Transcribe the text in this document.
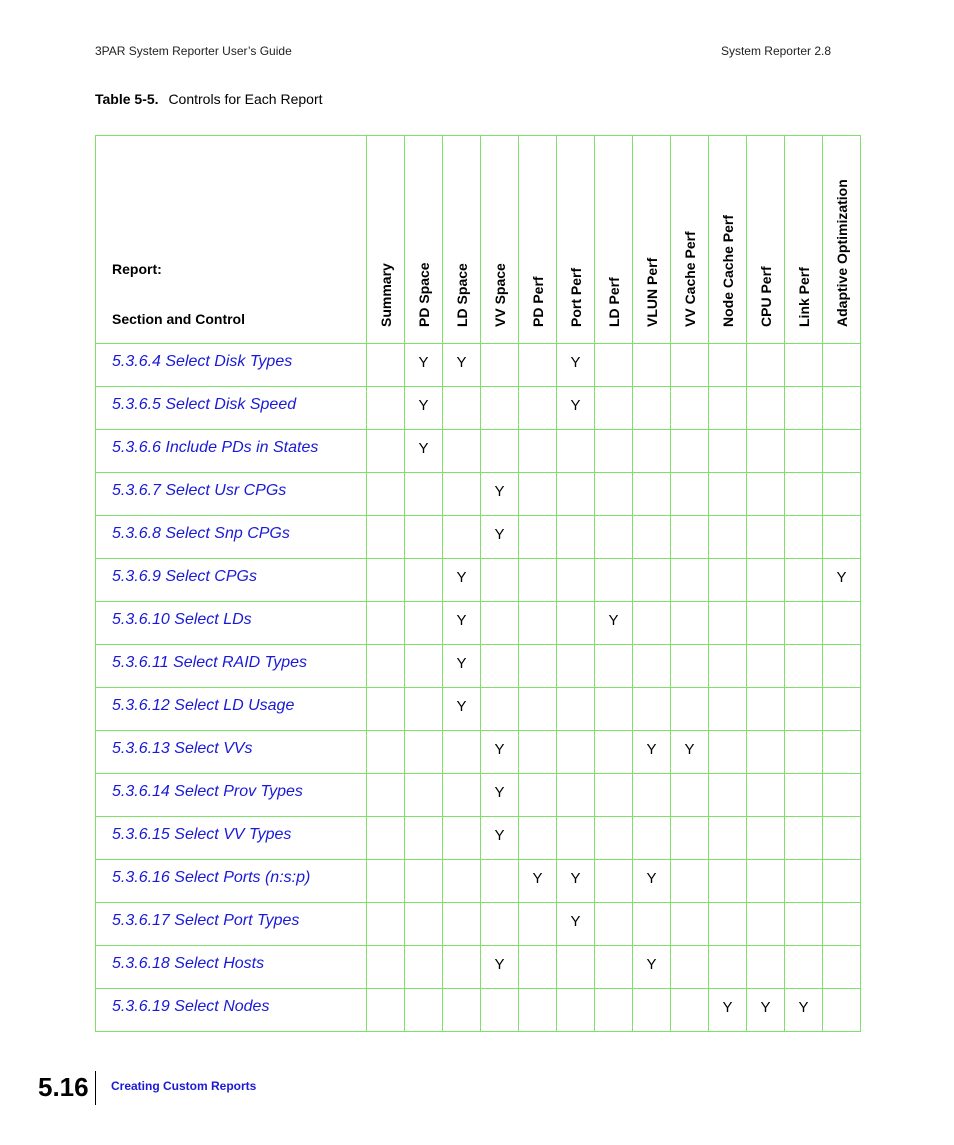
3PAR System Reporter User’s Guide	System Reporter 2.8
Table 5-5. Controls for Each Report
Report:
Section and Control	Summary	PD Space	LD Space	VV Space	PD Perf	Port Perf	LD Perf	VLUN Perf	VV Cache Perf	Node Cache Perf	CPU Perf	Link Perf	Adaptive Optimization

5.3.6.4 Select Disk Types		Y	Y			Y							
5.3.6.5 Select Disk Speed		Y				Y							
5.3.6.6 Include PDs in States		Y											
5.3.6.7 Select Usr CPGs				Y									
5.3.6.8 Select Snp CPGs				Y									
5.3.6.9 Select CPGs			Y										Y
5.3.6.10 Select LDs			Y				Y						
5.3.6.11 Select RAID Types			Y										
5.3.6.12 Select LD Usage			Y										
5.3.6.13 Select VVs				Y				Y	Y				
5.3.6.14 Select Prov Types				Y									
5.3.6.15 Select VV Types				Y									
5.3.6.16 Select Ports (n:s:p)					Y	Y		Y					
5.3.6.17 Select Port Types						Y							
5.3.6.18 Select Hosts				Y				Y					
5.3.6.19 Select Nodes										Y	Y	Y	
5.16 Creating Custom Reports
